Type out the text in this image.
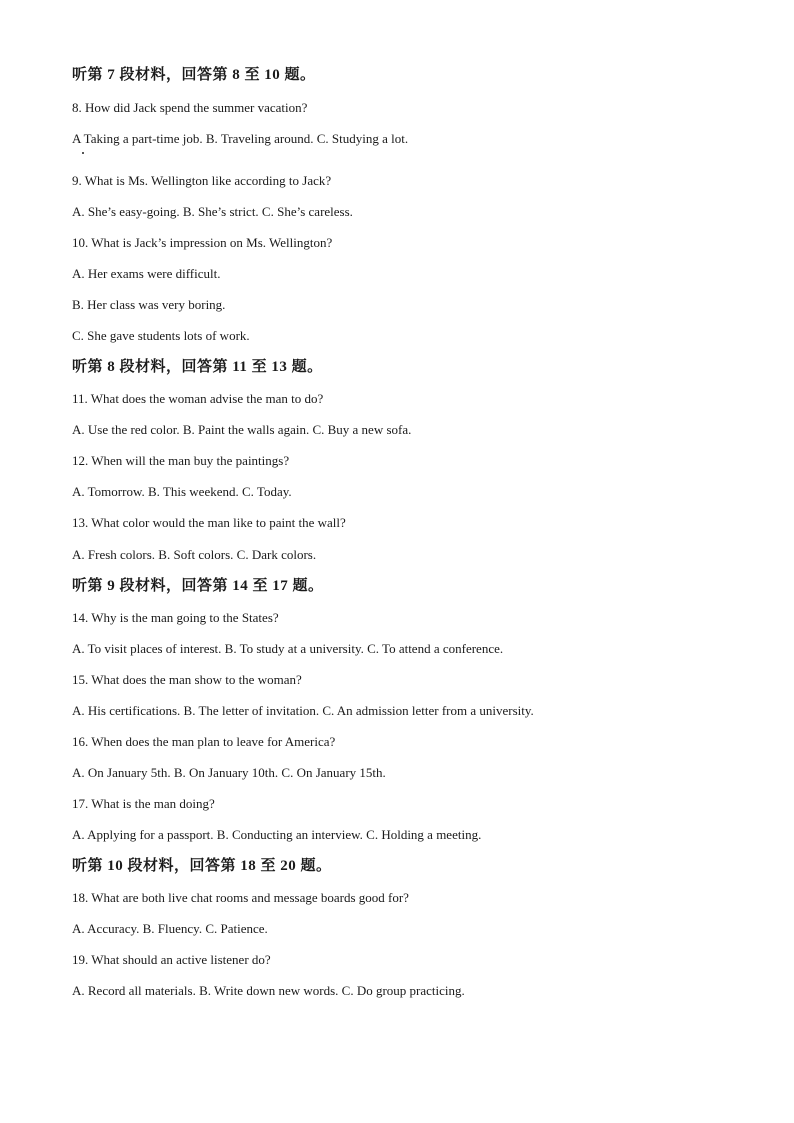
听第 7 段材料，回答第 8 至 10 题。
8. How did Jack spend the summer vacation?
A Taking a part-time job. B. Traveling around. C. Studying a lot.
9. What is Ms. Wellington like according to Jack?
A. She’s easy-going. B. She’s strict. C. She’s careless.
10. What is Jack’s impression on Ms. Wellington?
A. Her exams were difficult.
B. Her class was very boring.
C. She gave students lots of work.
听第 8 段材料，回答第 11 至 13 题。
11. What does the woman advise the man to do?
A. Use the red color. B. Paint the walls again. C. Buy a new sofa.
12. When will the man buy the paintings?
A. Tomorrow. B. This weekend. C. Today.
13. What color would the man like to paint the wall?
A. Fresh colors. B. Soft colors. C. Dark colors.
听第 9 段材料，回答第 14 至 17 题。
14. Why is the man going to the States?
A. To visit places of interest. B. To study at a university. C. To attend a conference.
15. What does the man show to the woman?
A. His certifications. B. The letter of invitation. C. An admission letter from a university.
16. When does the man plan to leave for America?
A. On January 5th. B. On January 10th. C. On January 15th.
17. What is the man doing?
A. Applying for a passport. B. Conducting an interview. C. Holding a meeting.
听第 10 段材料，回答第 18 至 20 题。
18. What are both live chat rooms and message boards good for?
A. Accuracy. B. Fluency. C. Patience.
19. What should an active listener do?
A. Record all materials. B. Write down new words. C. Do group practicing.
